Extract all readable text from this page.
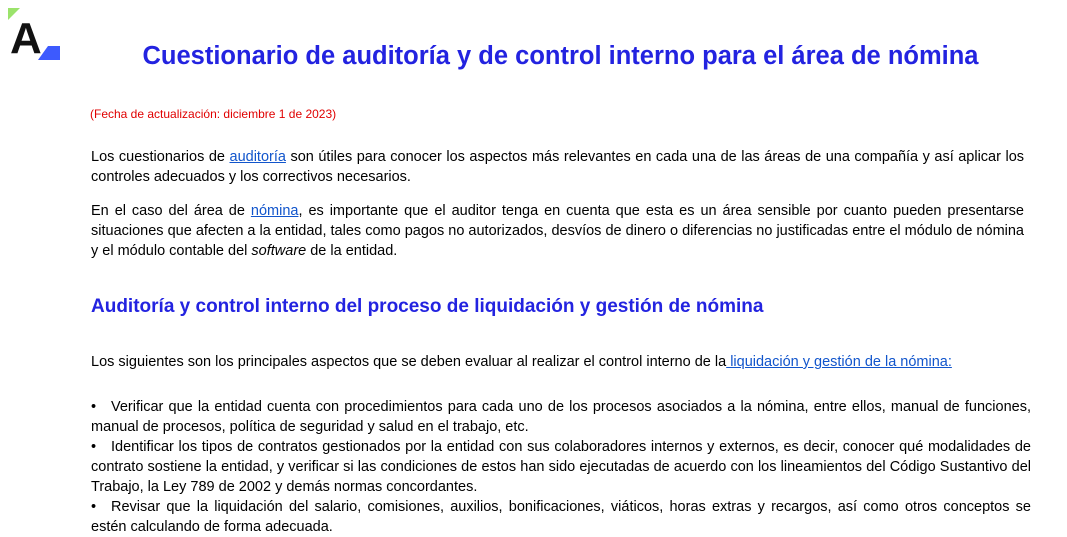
A	Cuestionario de auditoría y de control interno para el área de nómina

(Fecha de actualización: diciembre 1 de 2023)

Los cuestionarios de auditoría son útiles para conocer los aspectos más relevantes en cada una de las áreas de una compañía y así aplicar los controles adecuados y los correctivos necesarios.

En el caso del área de nómina, es importante que el auditor tenga en cuenta que esta es un área sensible por cuanto pueden presentarse situaciones que afecten a la entidad, tales como pagos no autorizados, desvíos de dinero o diferencias no justificadas entre el módulo de nómina y el módulo contable del software de la entidad.

Auditoría y control interno del proceso de liquidación y gestión de nómina

Los siguientes son los principales aspectos que se deben evaluar al realizar el control interno de la liquidación y gestión de la nómina:

• Verificar que la entidad cuenta con procedimientos para cada uno de los procesos asociados a la nómina, entre ellos, manual de funciones, manual de procesos, política de seguridad y salud en el trabajo, etc.
• Identificar los tipos de contratos gestionados por la entidad con sus colaboradores internos y externos, es decir, conocer qué modalidades de contrato sostiene la entidad, y verificar si las condiciones de estos han sido ejecutadas de acuerdo con los lineamientos del Código Sustantivo del Trabajo, la Ley 789 de 2002 y demás normas concordantes.
• Revisar que la liquidación del salario, comisiones, auxilios, bonificaciones, viáticos, horas extras y recargos, así como otros conceptos se estén calculando de forma adecuada.
